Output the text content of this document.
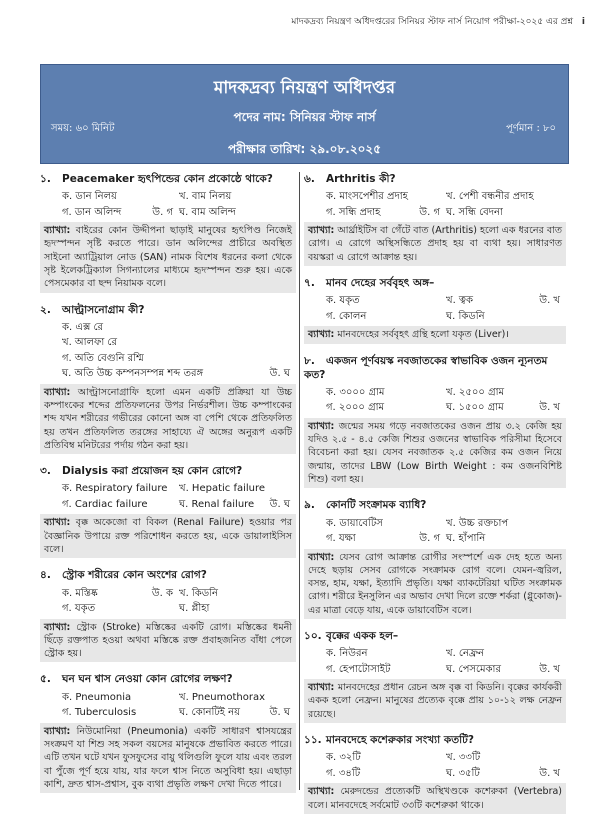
মাদকদ্রব্য নিয়ন্ত্রণ অধিদপ্তরের সিনিয়র স্টাফ নার্স নিয়োগ পরীক্ষা-২০২৫ এর প্রশ্ন i
মাদকদ্রব্য নিয়ন্ত্রণ অধিদপ্তর
পদের নাম: সিনিয়র স্টাফ নার্স
সময়: ৬০ মিনিট	পূর্ণমান : ৮০
পরীক্ষার তারিখ: ২৯.০৮.২০২৫
১. Peacemaker হৃৎপিন্ডের কোন প্রকোষ্ঠে থাকে?
ক. ডান নিলয়	খ. বাম নিলয়
গ. ডান অলিন্দ	উ. গ ঘ. বাম অলিন্দ
ব্যাখ্যা: বাইরের কোন উদ্দীপনা ছাড়াই মানুষের হৃৎপিণ্ড নিজেই হৃদস্পন্দন সৃষ্টি করতে পারে। ডান অলিন্দের প্রাচীরে অবস্থিত সাইনো অ্যাট্রিয়াল নোড (SAN) নামক বিশেষ ধরনের কলা থেকে সৃষ্ট ইলেকট্রিক্যাল সিগন্যালের মাধ্যমে হৃদস্পন্দন শুরু হয়। একে পেসমেকার বা ছন্দ নিয়ামক বলে।
২. আল্ট্রাসনোগ্রাম কী?
ক. এক্স রে
খ. আলফা রে
গ. অতি বেগুনি রশ্মি
ঘ. অতি উচ্চ কম্পনসম্পন্ন শব্দ তরঙ্গ	উ. ঘ
ব্যাখ্যা: আল্ট্রাসনোগ্রাফি হলো এমন একটি প্রক্রিয়া যা উচ্চ কম্পাংকের শব্দের প্রতিফলনের উপর নির্ভরশীল। উচ্চ কম্পাংকের শব্দ যখন শরীরের গভীরের কোনো অঙ্গ বা পেশি থেকে প্রতিফলিত হয় তখন প্রতিফলিত তরঙ্গের সাহায্যে ঐ অঙ্গের অনুরূপ একটি প্রতিবিম্ব মনিটরের পর্দায় গঠন করা হয়।
৩. Dialysis করা প্রয়োজন হয় কোন রোগে?
ক. Respiratory failure	খ. Hepatic failure
গ. Cardiac failure	ঘ. Renal failure উ. ঘ
ব্যাখ্যা: বৃক্ক অকেজো বা বিকল (Renal Failure) হওয়ার পর বৈজ্ঞানিক উপায়ে রক্ত পরিশোধন করতে হয়, একে ডায়ালাইসিস বলে।
৪. স্ট্রোক শরীরের কোন অংশের রোগ?
ক. মস্তিষ্ক	উ. ক খ. কিডনি
গ. যকৃত	ঘ. প্লীহা
ব্যাখ্যা: স্ট্রোক (Stroke) মস্তিষ্কের একটি রোগ। মস্তিষ্কের ধমনী ছিঁড়ে রক্তপাত হওয়া অথবা মস্তিষ্কে রক্ত প্রবাহজনিত বাঁধা পেলে স্ট্রোক হয়।
৫. ঘন ঘন শ্বাস নেওয়া কোন রোগের লক্ষণ?
ক. Pneumonia	খ. Pneumothorax
গ. Tuberculosis	ঘ. কোনটিই নয়	উ. ঘ
ব্যাখ্যা: নিউমোনিয়া (Pneumonia) একটি সাধারণ শ্বাসযন্ত্রের সংক্রমণ যা শিশু সহ সকল বয়সের মানুষকে প্রভাবিত করতে পারে। এটি তখন ঘটে যখন ফুসফুসের বায়ু থলিগুলি ফুলে যায় এবং তরল বা পুঁজে পূর্ণ হয়ে যায়, যার ফলে শ্বাস নিতে অসুবিধা হয়। এছাড়া কাশি, দ্রুত শ্বাস-প্রশ্বাস, বুক ব্যথা প্রভৃতি লক্ষণ দেখা দিতে পারে।
৬. Arthritis কী?
ক. মাংসপেশীর প্রদাহ	খ. পেশী বন্ধনীর প্রদাহ
গ. সন্ধি প্রদাহ	উ. গ ঘ. সন্ধি বেদনা
ব্যাখ্যা: আর্থ্রাইটিস বা গেঁটে বাত (Arthritis) হলো এক ধরনের বাত রোগ। এ রোগে অস্থিসন্ধিতে প্রদাহ হয় বা ব্যথা হয়। সাধারণত বয়স্করা এ রোগে আক্রান্ত হয়।
৭. মানব দেহের সর্ববৃহৎ অঙ্গ–
ক. যকৃত	খ. ত্বক	উ. খ
গ. কোলন	ঘ. কিডনি
ব্যাখ্যা: মানবদেহের সর্ববৃহৎ গ্রন্থি হলো যকৃত (Liver)।
৮. একজন পূর্ণবয়স্ক নবজাতকের স্বাভাবিক ওজন ন্যূনতম কত?
ক. ৩০০০ গ্রাম	খ. ২৫০০ গ্রাম
গ. ২০০০ গ্রাম	ঘ. ১৫০০ গ্রাম	উ. খ
ব্যাখ্যা: জন্মের সময় গড়ে নবজাতকের ওজন প্রায় ৩.২ কেজি হয় যদিও ২.৫ - ৪.৫ কেজি শিশুর ওজনের স্বাভাবিক পরিসীমা হিসেবে বিবেচনা করা হয়। যেসব নবজাতক ২.৫ কেজির কম ওজন নিয়ে জন্মায়, তাদের LBW (Low Birth Weight : কম ওজনবিশিষ্ট শিশু) বলা হয়।
৯. কোনটি সংক্রামক ব্যাধি?
ক. ডায়াবেটিস	খ. উচ্চ রক্তচাপ
গ. যক্ষা	উ. গ ঘ. হাঁপানি
ব্যাখ্যা: যেসব রোগ আক্রান্ত রোগীর সংস্পর্শে এক দেহ হতে অন্য দেহে ছড়ায় সেসব রোগকে সংক্রামক রোগ বলে। যেমন-জ্বরিল, বসন্ত, হাম, যক্ষা, ইত্যাদি প্রভৃতি। যক্ষা ব্যাকটেরিয়া ঘটিত সংক্রামক রোগ। শরীরে ইনসুলিন এর অভাব দেখা দিলে রক্তে শর্করা (গ্লুকোজ)-এর মাত্রা বেড়ে যায়, একে ডায়াবেটিস বলে।
১০. বৃক্কের একক হল–
ক. নিউরন	খ. নেফ্রন
গ. হেপাটোসাইট	ঘ. পেসমেকার	উ. খ
ব্যাখ্যা: মানবদেহের প্রধান রেচন অঙ্গ বৃক্ক বা কিডনি। বৃক্কের কার্যকরী একক হলো নেফ্রন। মানুষের প্রত্যেক বৃক্কে প্রায় ১০-১২ লক্ষ নেফ্রন রয়েছে।
১১. মানবদেহে কশেরুকার সংখ্যা কতটি?
ক. ৩২টি	খ. ৩৩টি
গ. ৩৪টি	ঘ. ৩৫টি	উ. খ
ব্যাখ্যা: মেরুদন্ডের প্রত্যেকটি অস্থিখণ্ডকে কশেরুকা (Vertebra) বলে। মানবদেহে সর্বমোট ৩৩টি কশেরুকা থাকে।
